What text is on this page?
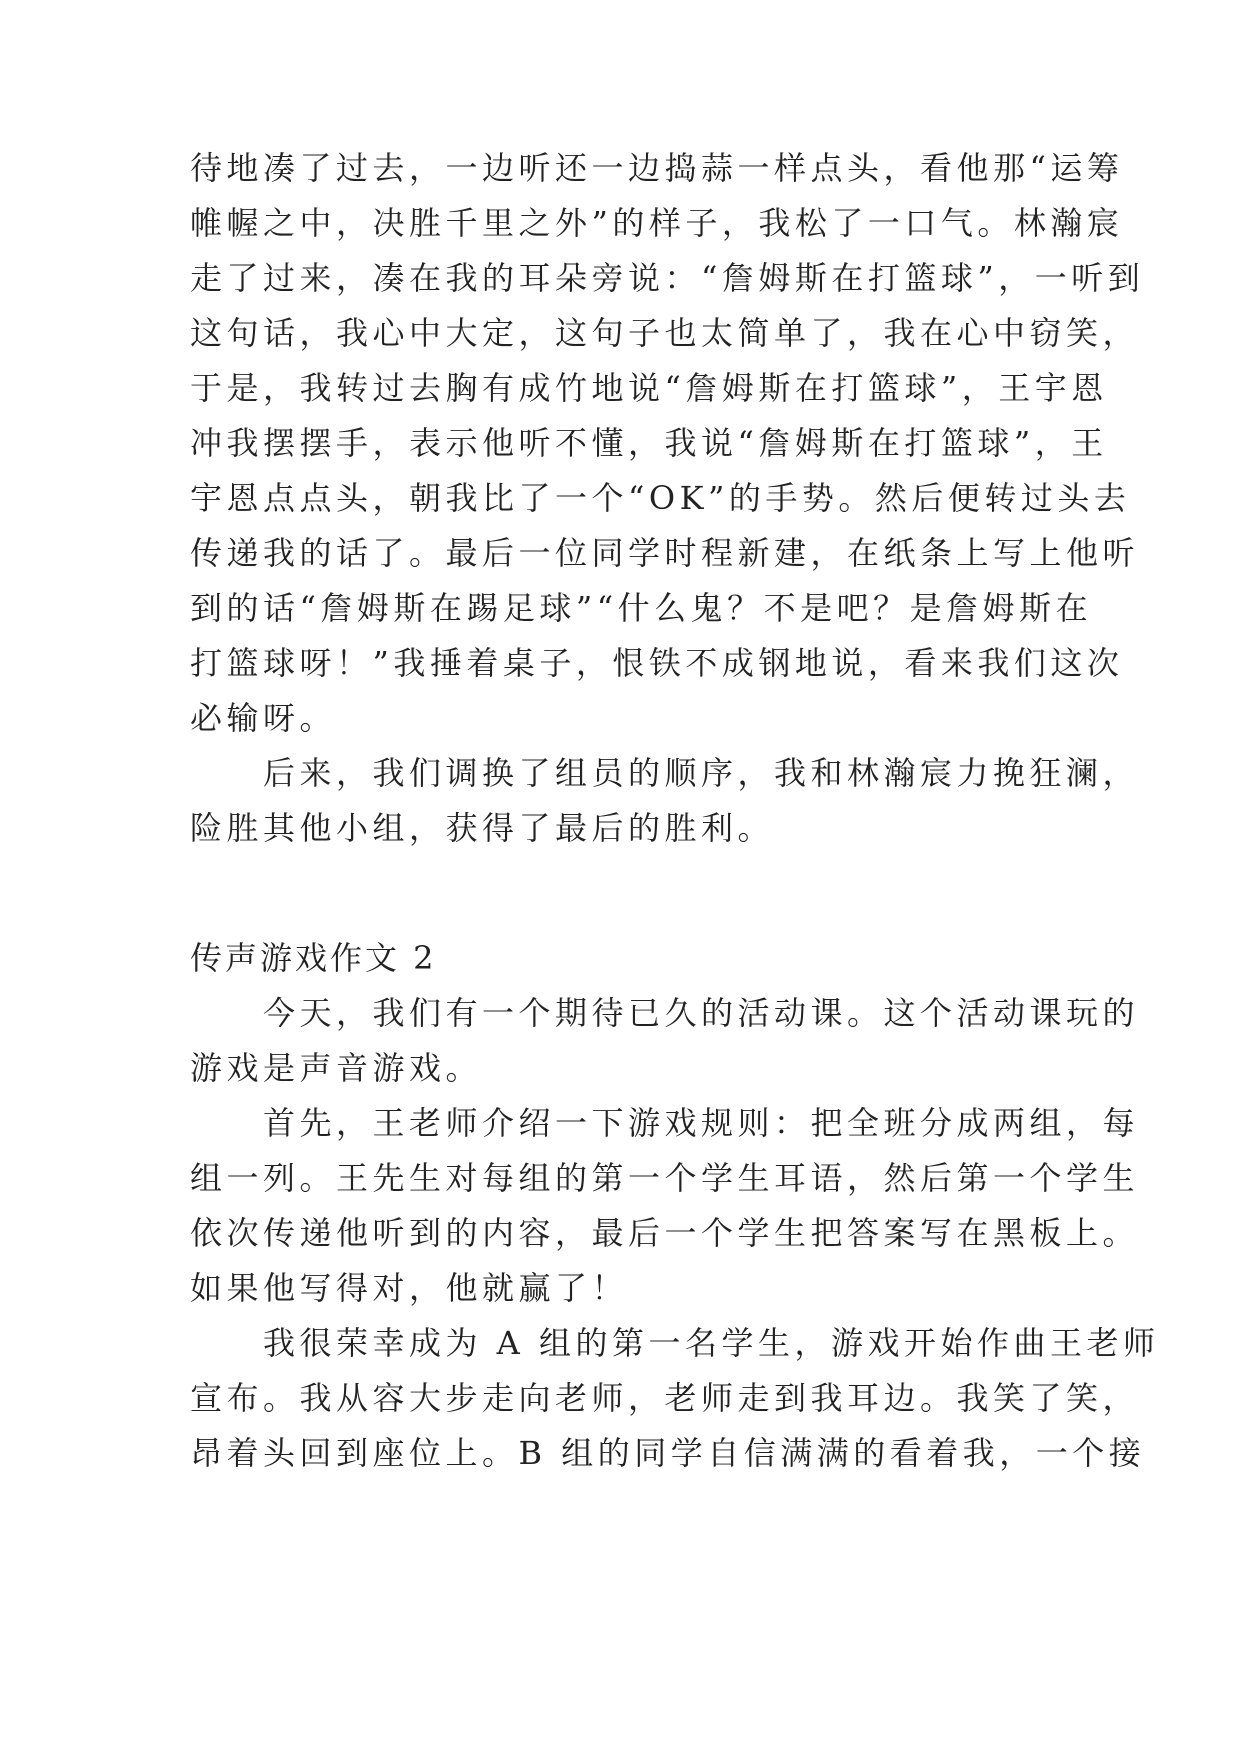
待地凑了过去，一边听还一边捣蒜一样点头，看他那“运筹
帷幄之中，决胜千里之外”的样子，我松了一口气。林瀚宸
走了过来，凑在我的耳朵旁说：“詹姆斯在打篮球”，一听到
这句话，我心中大定，这句子也太简单了，我在心中窃笑，
于是，我转过去胸有成竹地说“詹姆斯在打篮球”，王宇恩
冲我摆摆手，表示他听不懂，我说“詹姆斯在打篮球”，王
宇恩点点头，朝我比了一个“OK”的手势。然后便转过头去
传递我的话了。最后一位同学时程新建，在纸条上写上他听
到的话“詹姆斯在踢足球”“什么鬼？不是吧？是詹姆斯在
打篮球呀！”我捶着桌子，恨铁不成钢地说，看来我们这次
必输呀。
　　后来，我们调换了组员的顺序，我和林瀚宸力挽狂澜，
险胜其他小组，获得了最后的胜利。
传声游戏作文 2
　　今天，我们有一个期待已久的活动课。这个活动课玩的
游戏是声音游戏。
　　首先，王老师介绍一下游戏规则：把全班分成两组，每
组一列。王先生对每组的第一个学生耳语，然后第一个学生
依次传递他听到的内容，最后一个学生把答案写在黑板上。
如果他写得对，他就赢了！
　　我很荣幸成为 A 组的第一名学生，游戏开始作曲王老师
宣布。我从容大步走向老师，老师走到我耳边。我笑了笑，
昂着头回到座位上。B 组的同学自信满满的看着我，一个接
